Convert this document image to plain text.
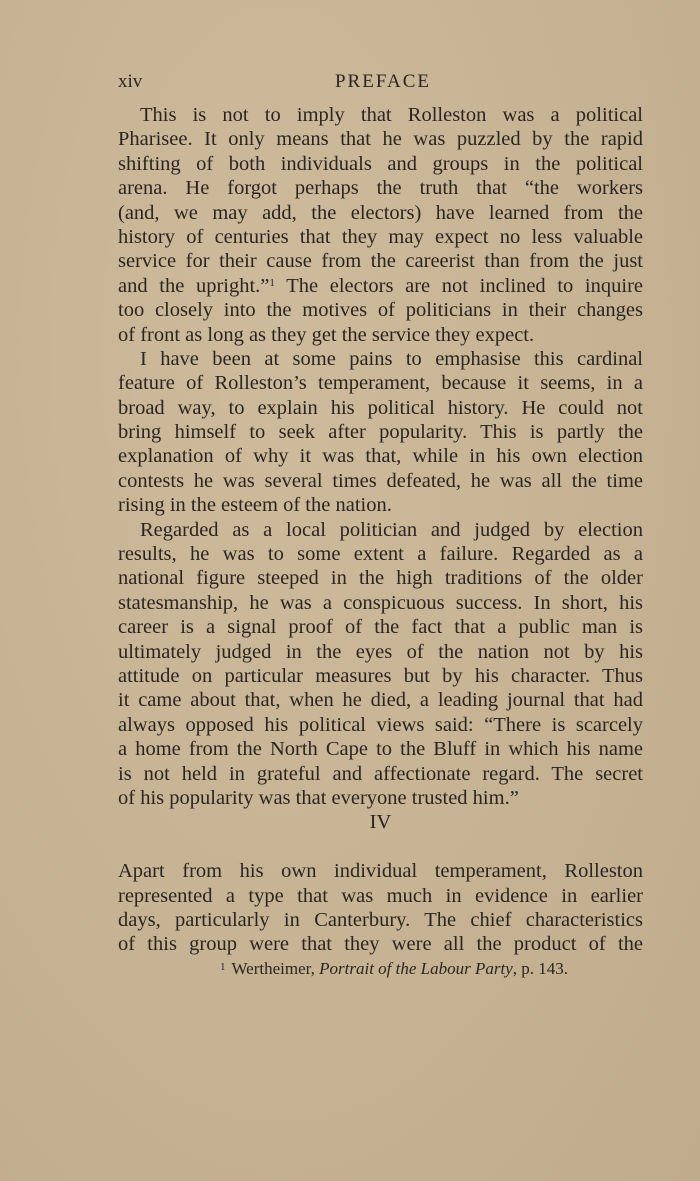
xiv	PREFACE
This is not to imply that Rolleston was a political
Pharisee. It only means that he was puzzled by the rapid
shifting of both individuals and groups in the political
arena. He forgot perhaps the truth that “the workers
(and, we may add, the electors) have learned from the
history of centuries that they may expect no less valuable
service for their cause from the careerist than from the just
and the upright.”$^1$ The electors are not inclined to inquire
too closely into the motives of politicians in their changes
of front as long as they get the service they expect.
I have been at some pains to emphasise this cardinal
feature of Rolleston’s temperament, because it seems, in a
broad way, to explain his political history. He could not
bring himself to seek after popularity. This is partly the
explanation of why it was that, while in his own election
contests he was several times defeated, he was all the time
rising in the esteem of the nation.
Regarded as a local politician and judged by election
results, he was to some extent a failure. Regarded as a
national figure steeped in the high traditions of the older
statesmanship, he was a conspicuous success. In short, his
career is a signal proof of the fact that a public man is
ultimately judged in the eyes of the nation not by his
attitude on particular measures but by his character. Thus
it came about that, when he died, a leading journal that had
always opposed his political views said: “There is scarcely
a home from the North Cape to the Bluff in which his name
is not held in grateful and affectionate regard. The secret
of his popularity was that everyone trusted him.”
IV
Apart from his own individual temperament, Rolleston
represented a type that was much in evidence in earlier
days, particularly in Canterbury. The chief characteristics
of this group were that they were all the product of the
$^1$ Wertheimer, Portrait of the Labour Party, p. 143.
